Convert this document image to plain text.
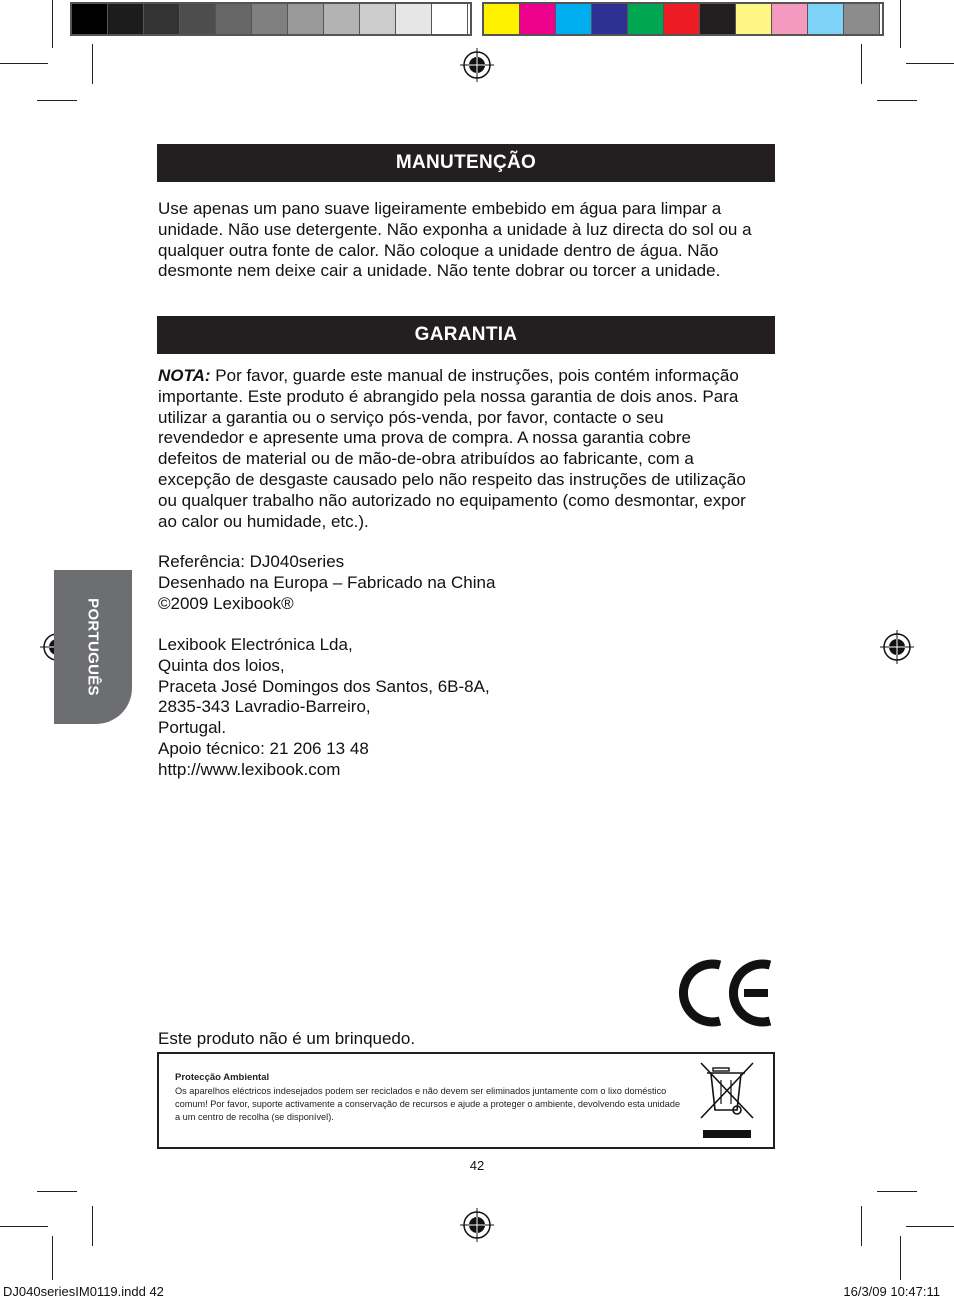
MANUTENÇÃO
Use apenas um pano suave ligeiramente embebido em água para limpar a unidade. Não use detergente. Não exponha a unidade à luz directa do sol ou a qualquer outra fonte de calor. Não coloque a unidade dentro de água. Não desmonte nem deixe cair a unidade. Não tente dobrar ou torcer a unidade.
GARANTIA
NOTA: Por favor, guarde este manual de instruções, pois contém informação importante. Este produto é abrangido pela nossa garantia de dois anos. Para utilizar a garantia ou o serviço pós-venda, por favor, contacte o seu revendedor e apresente uma prova de compra. A nossa garantia cobre defeitos de material ou de mão-de-obra atribuídos ao fabricante, com a excepção de desgaste causado pelo não respeito das instruções de utilização ou qualquer trabalho não autorizado no equipamento (como desmontar, expor ao calor ou humidade, etc.).

Referência: DJ040series

Desenhado na Europa – Fabricado na China

©2009 Lexibook®

Lexibook Electrónica Lda,

Quinta dos loios,

Praceta José Domingos dos Santos, 6B-8A,

2835-343 Lavradio-Barreiro,

Portugal.

Apoio técnico: 21 206 13 48

http://www.lexibook.com

PORTUGUÊS
Este produto não é um brinquedo.
Protecção Ambiental
Os aparelhos eléctricos indesejados podem ser reciclados e não devem ser eliminados juntamente com o lixo doméstico comum! Por favor, suporte activamente a conservação de recursos e ajude a proteger o ambiente, devolvendo esta unidade a um centro de recolha (se disponível).
42
DJ040seriesIM0119.indd 42	16/3/09 10:47:11
